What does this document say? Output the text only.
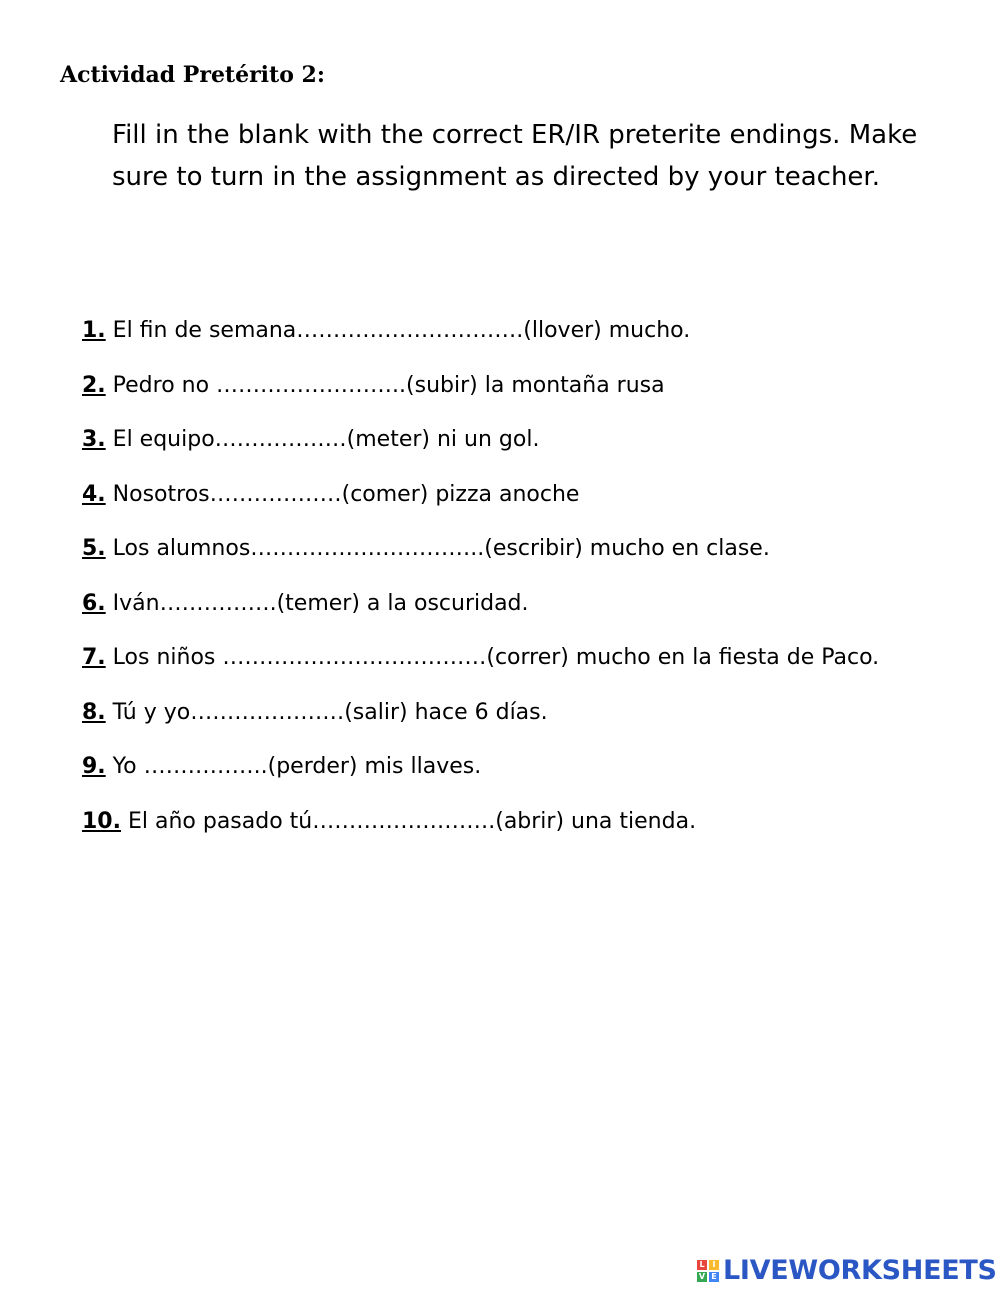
Actividad Pretérito 2:
Fill in the blank with the correct ER/IR preterite endings. Make sure to turn in the assignment as directed by your teacher.
1. El fin de semana………………………….(llover) mucho.
2. Pedro no ……………………..(subir) la montaña rusa
3. El equipo………………(meter) ni un gol.
4. Nosotros………………(comer) pizza anoche
5. Los alumnos…………………………..(escribir) mucho en clase.
6. Iván…………….(temer) a la oscuridad.
7. Los niños ………………………………(correr) mucho en la fiesta de Paco.
8. Tú y yo…………………(salir) hace 6 días.
9. Yo ……………..(perder) mis llaves.
10. El año pasado tú…………………….(abrir) una tienda.
L I
V E LIVEWORKSHEETS
